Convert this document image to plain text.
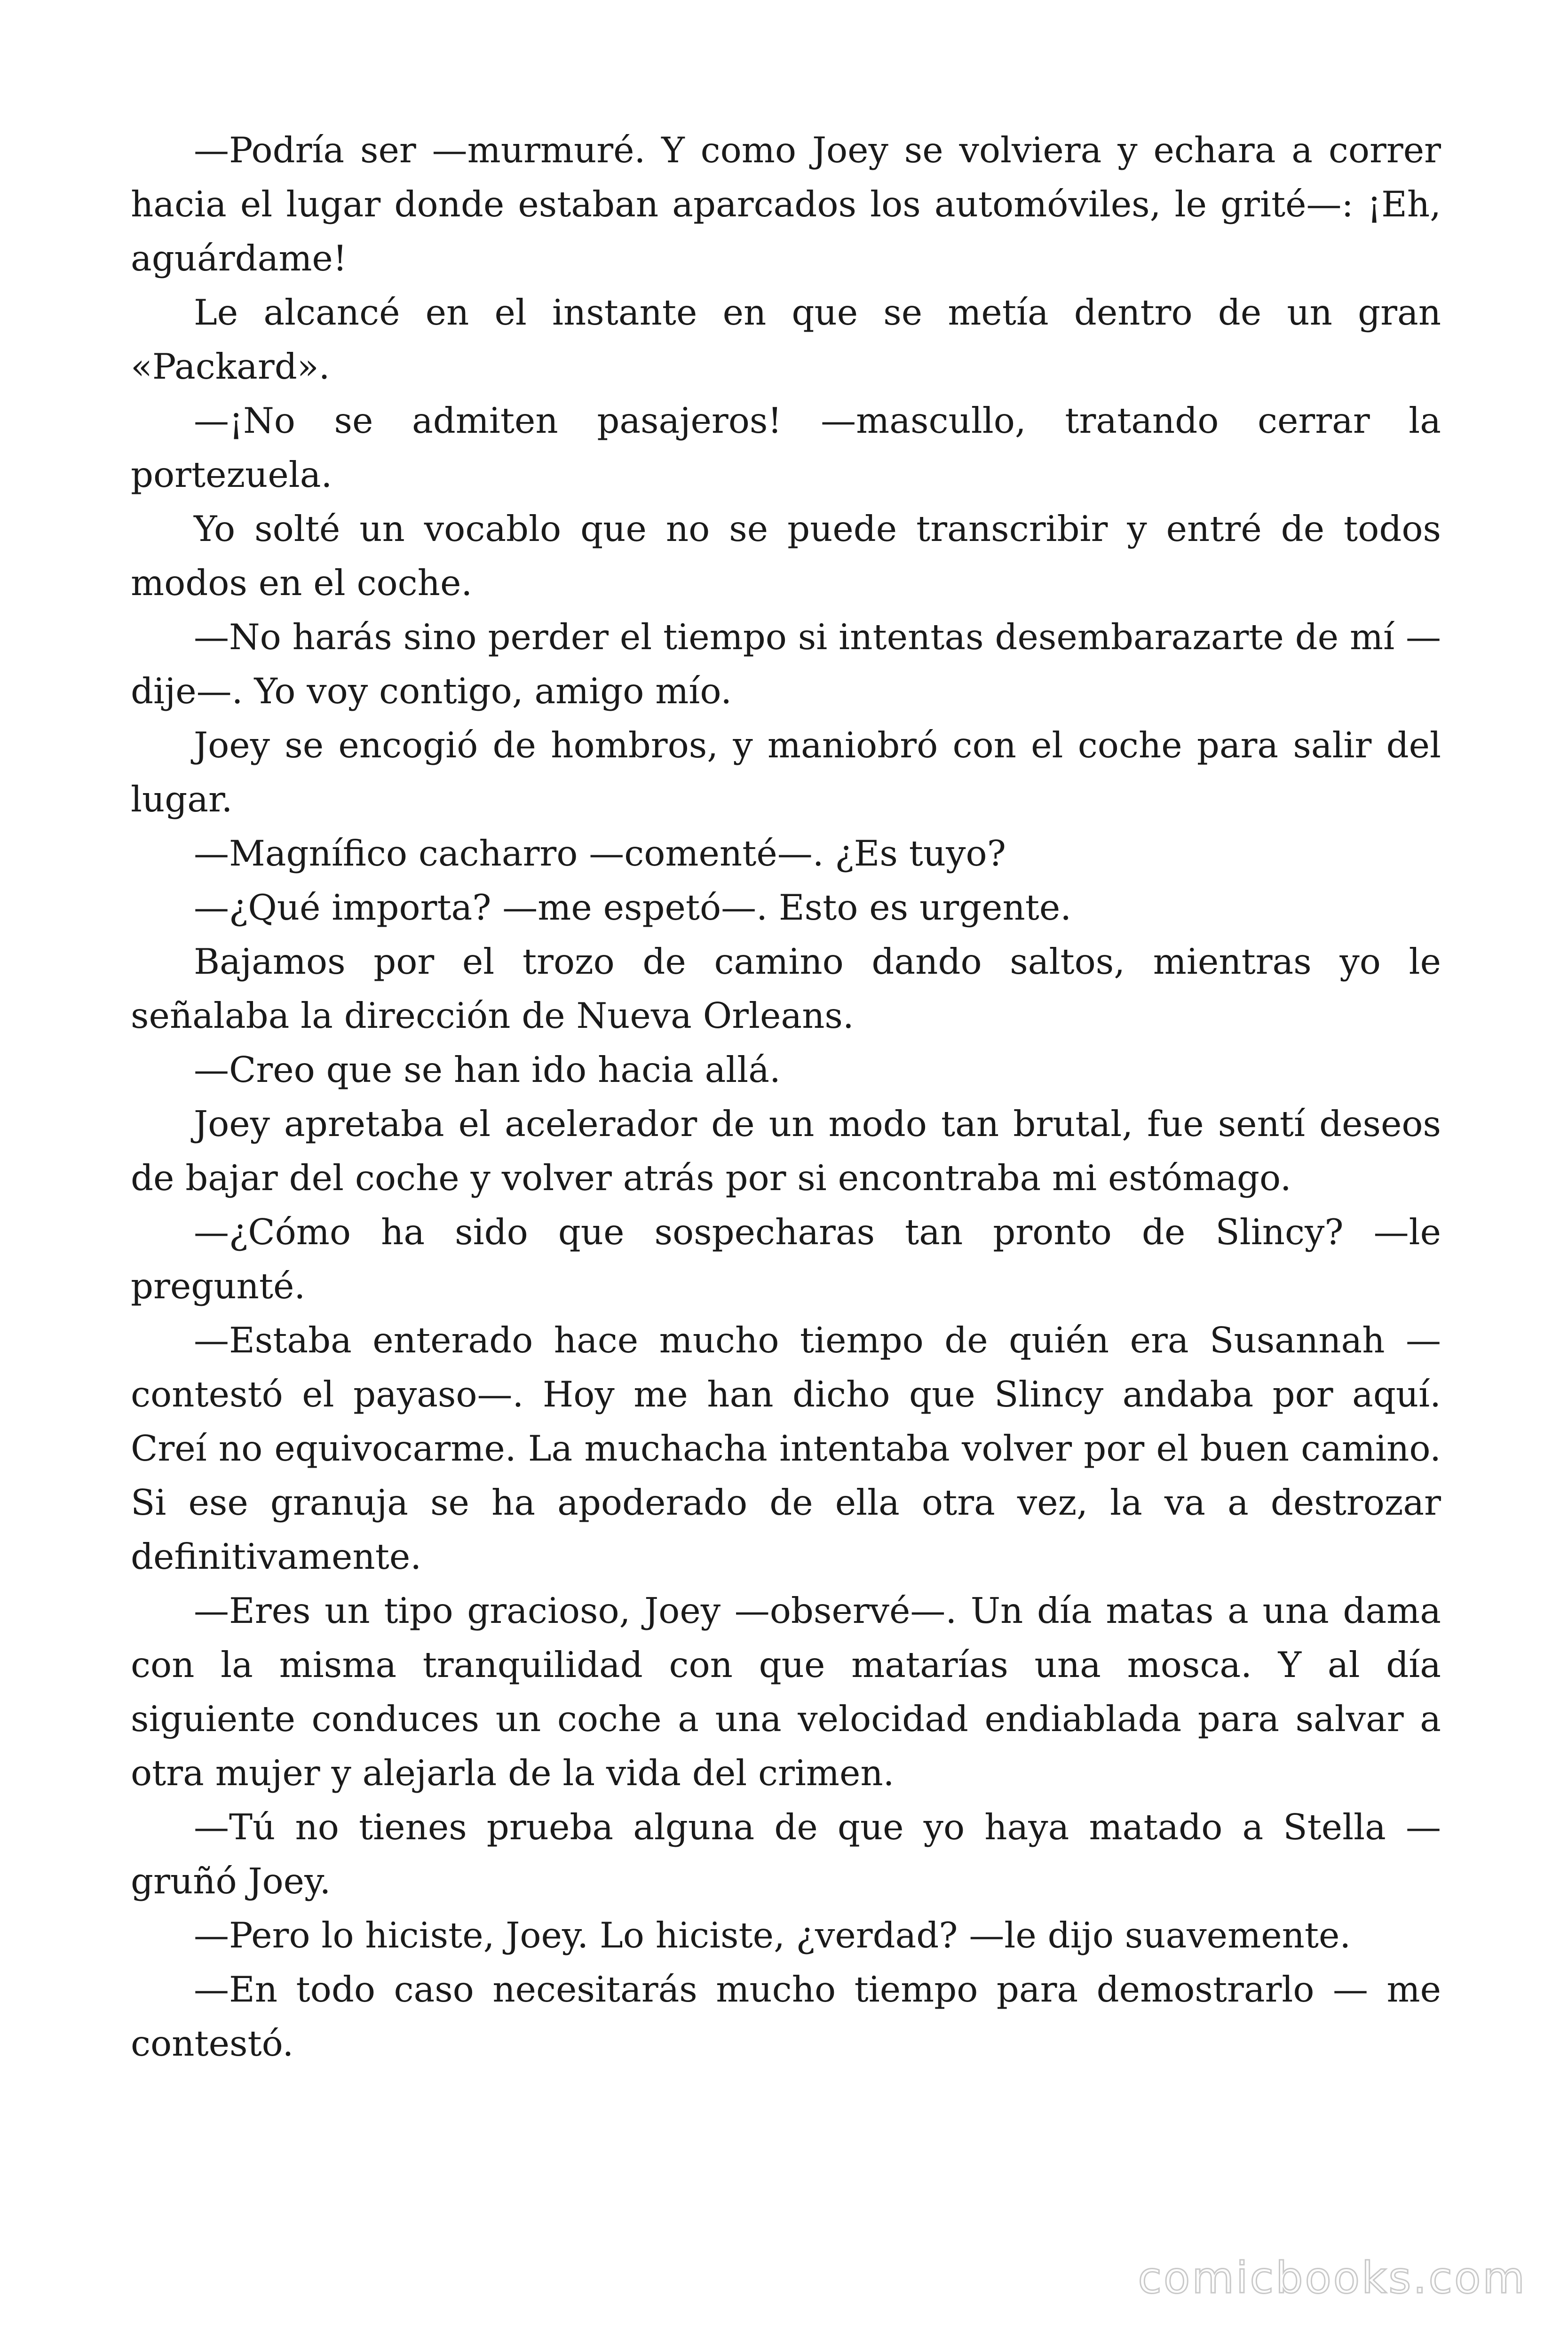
—Podría ser —murmuré. Y como Joey se volviera y echara a correr hacia el lugar donde estaban aparcados los automóviles, le grité—: ¡Eh, aguárdame!

Le alcancé en el instante en que se metía dentro de un gran «Packard».

—¡No se admiten pasajeros! —mascullo, tratando cerrar la portezuela.

Yo solté un vocablo que no se puede transcribir y entré de todos modos en el coche.

—No harás sino perder el tiempo si intentas desembarazarte de mí —dije—. Yo voy contigo, amigo mío.

Joey se encogió de hombros, y maniobró con el coche para salir del lugar.

—Magnífico cacharro —comenté—. ¿Es tuyo?

—¿Qué importa? —me espetó—. Esto es urgente.

Bajamos por el trozo de camino dando saltos, mientras yo le señalaba la dirección de Nueva Orleans.

—Creo que se han ido hacia allá.

Joey apretaba el acelerador de un modo tan brutal, fue sentí deseos de bajar del coche y volver atrás por si encontraba mi estómago.

—¿Cómo ha sido que sospecharas tan pronto de Slincy? —le pregunté.

—Estaba enterado hace mucho tiempo de quién era Susannah — contestó el payaso—. Hoy me han dicho que Slincy andaba por aquí. Creí no equivocarme. La muchacha intentaba volver por el buen camino. Si ese granuja se ha apoderado de ella otra vez, la va a destrozar definitivamente.

—Eres un tipo gracioso, Joey —observé—. Un día matas a una dama con la misma tranquilidad con que matarías una mosca. Y al día siguiente conduces un coche a una velocidad endiablada para salvar a otra mujer y alejarla de la vida del crimen.

—Tú no tienes prueba alguna de que yo haya matado a Stella — gruñó Joey.

—Pero lo hiciste, Joey. Lo hiciste, ¿verdad? —le dijo suavemente.

—En todo caso necesitarás mucho tiempo para demostrarlo — me contestó.

comicbooks.com
